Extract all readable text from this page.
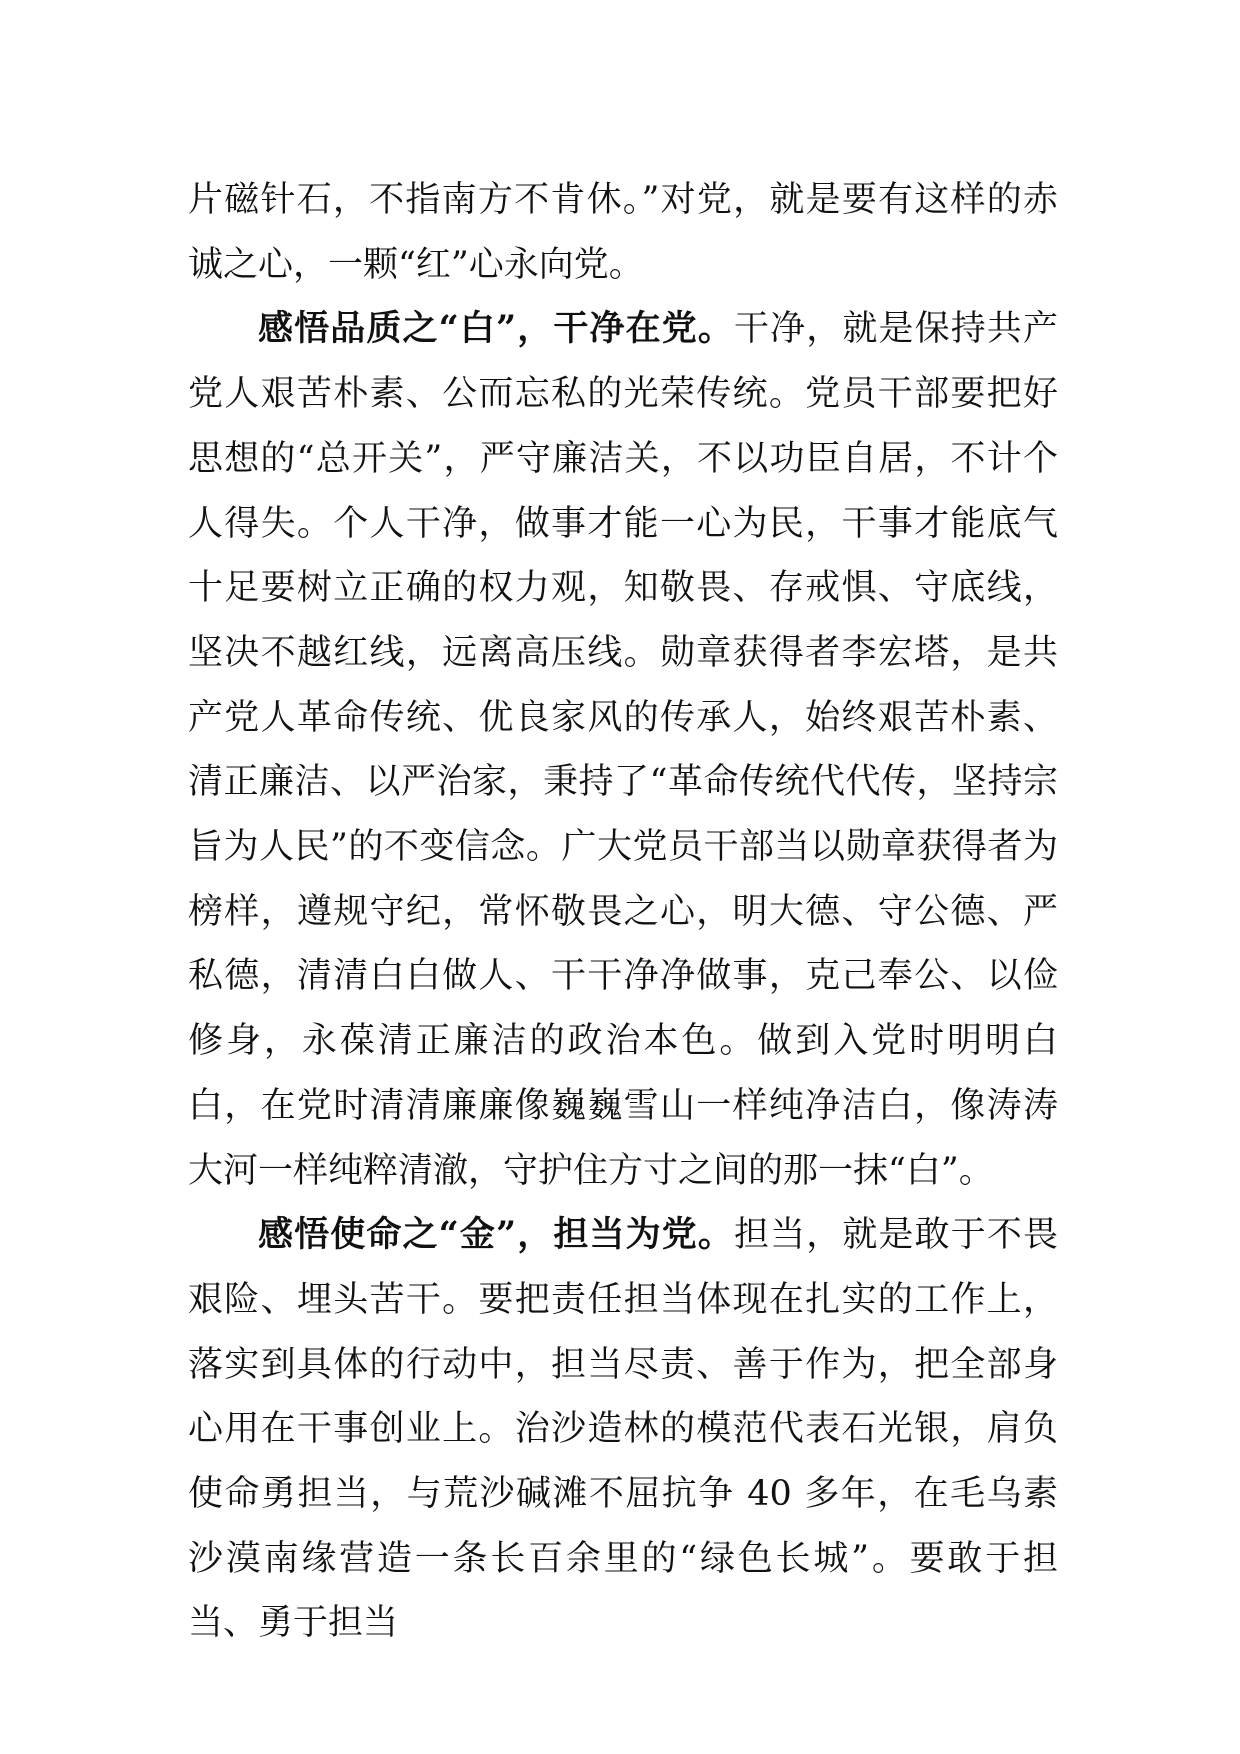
片磁针石，不指南方不肯休。”对党，就是要有这样的赤诚之心，一颗“红”心永向党。

感悟品质之“白”，干净在党。干净，就是保持共产党人艰苦朴素、公而忘私的光荣传统。党员干部要把好思想的“总开关”，严守廉洁关，不以功臣自居，不计个人得失。个人干净，做事才能一心为民，干事才能底气十足要树立正确的权力观，知敬畏、存戒惧、守底线，坚决不越红线，远离高压线。勋章获得者李宏塔，是共产党人革命传统、优良家风的传承人，始终艰苦朴素、清正廉洁、以严治家，秉持了“革命传统代代传，坚持宗旨为人民”的不变信念。广大党员干部当以勋章获得者为榜样，遵规守纪，常怀敬畏之心，明大德、守公德、严私德，清清白白做人、干干净净做事，克己奉公、以俭修身，永葆清正廉洁的政治本色。做到入党时明明白白，在党时清清廉廉像巍巍雪山一样纯净洁白，像涛涛大河一样纯粹清澈，守护住方寸之间的那一抹“白”。

感悟使命之“金”，担当为党。担当，就是敢于不畏艰险、埋头苦干。要把责任担当体现在扎实的工作上，落实到具体的行动中，担当尽责、善于作为，把全部身心用在干事创业上。治沙造林的模范代表石光银，肩负使命勇担当，与荒沙碱滩不屈抗争 40 多年，在毛乌素沙漠南缘营造一条长百余里的“绿色长城”。要敢于担当、勇于担当
